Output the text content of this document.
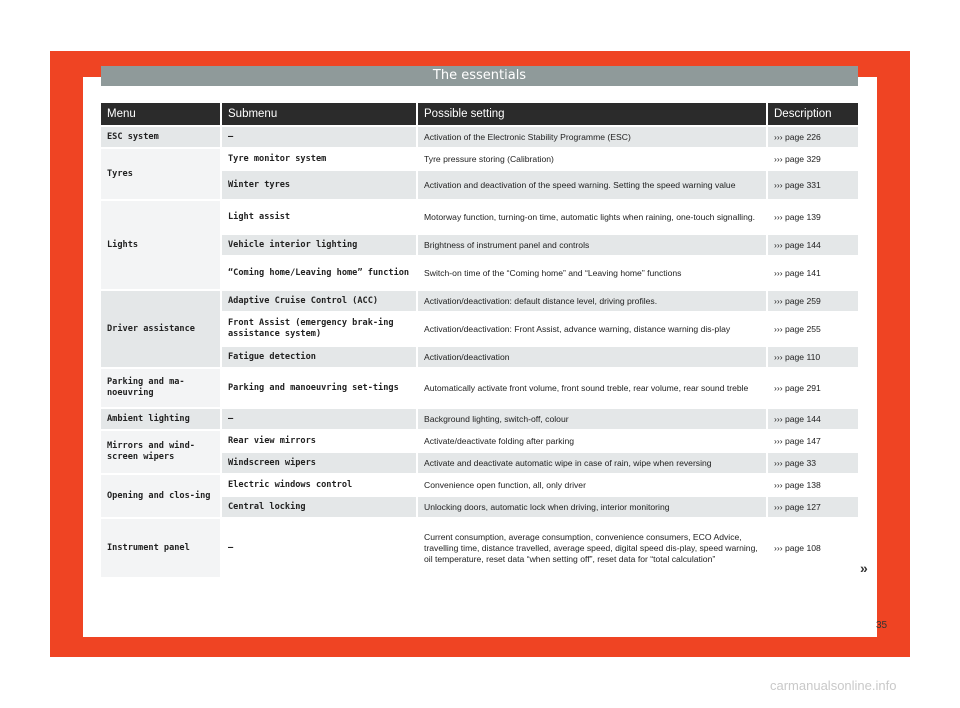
The essentials
Menu	Submenu	Possible setting	Description
ESC system	–	Activation of the Electronic Stability Programme (ESC)	››› page 226
Tyres	Tyre monitor system	Tyre pressure storing (Calibration)	››› page 329
	Winter tyres	Activation and deactivation of the speed warning. Setting the speed warning value	››› page 331
Lights	Light assist	Motorway function, turning-on time, automatic lights when raining, one-touch signalling.	››› page 139
	Vehicle interior lighting	Brightness of instrument panel and controls	››› page 144
	“Coming home/Leaving home” function	Switch-on time of the “Coming home” and “Leaving home” functions	››› page 141
Driver assistance	Adaptive Cruise Control (ACC)	Activation/deactivation: default distance level, driving profiles.	››› page 259
	Front Assist (emergency brak-ing assistance system)	Activation/deactivation: Front Assist, advance warning, distance warning dis-play	››› page 255
	Fatigue detection	Activation/deactivation	››› page 110
Parking and ma-noeuvring	Parking and manoeuvring set-tings	Automatically activate front volume, front sound treble, rear volume, rear sound treble	››› page 291
Ambient lighting	–	Background lighting, switch-off, colour	››› page 144
Mirrors and wind-screen wipers	Rear view mirrors	Activate/deactivate folding after parking	››› page 147
	Windscreen wipers	Activate and deactivate automatic wipe in case of rain, wipe when reversing	››› page 33
Opening and clos-ing	Electric windows control	Convenience open function, all, only driver	››› page 138
	Central locking	Unlocking doors, automatic lock when driving, interior monitoring	››› page 127
Instrument panel	–	Current consumption, average consumption, convenience consumers, ECO Advice, travelling time, distance travelled, average speed, digital speed dis-play, speed warning, oil temperature, reset data “when setting off”, reset data for “total calculation”	››› page 108
»
35
carmanualsonline.info
